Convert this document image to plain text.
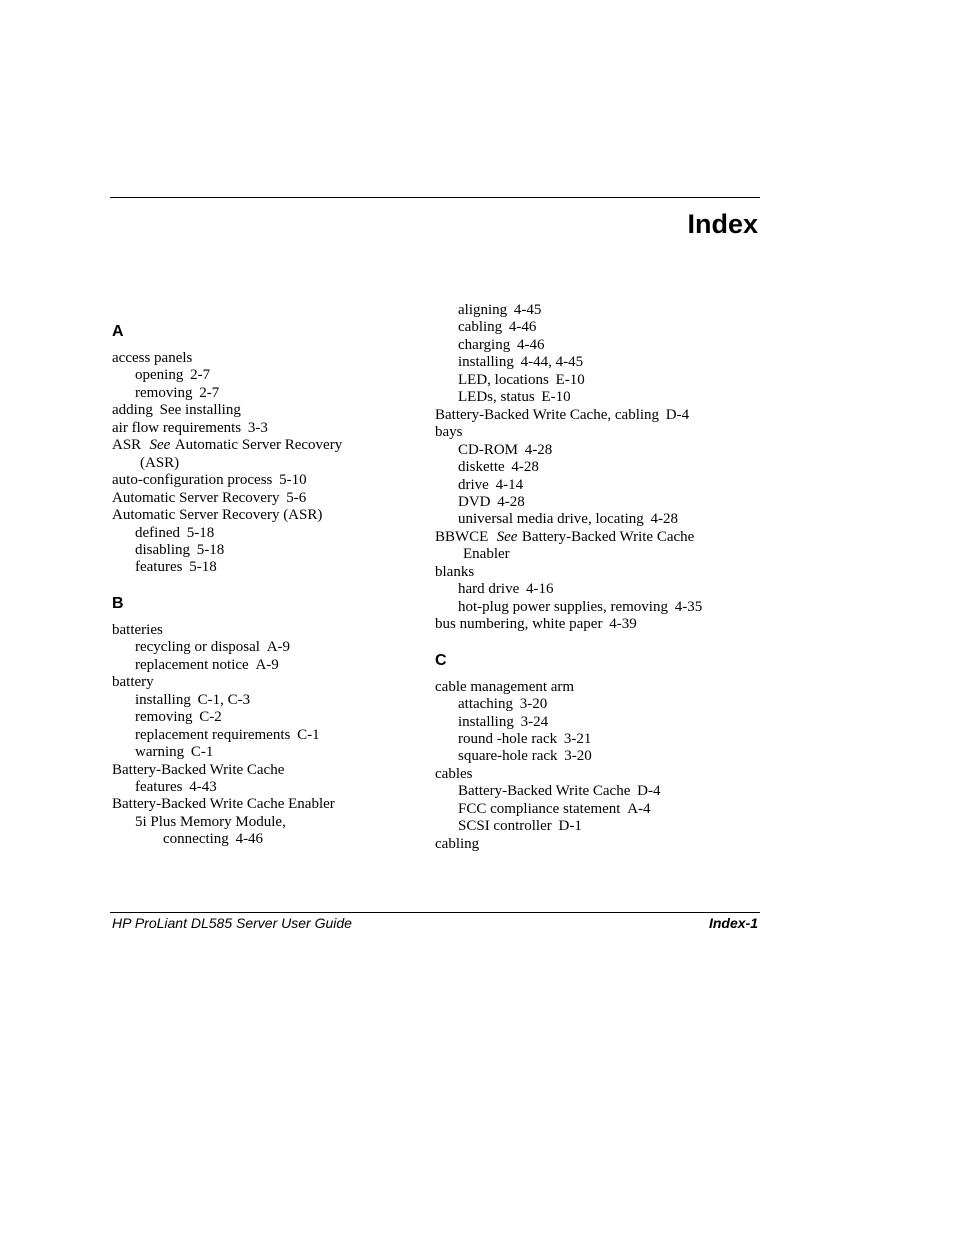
Index
A
access panels
opening 2-7
removing 2-7
adding See installing
air flow requirements 3-3
ASR See Automatic Server Recovery
(ASR)
auto-configuration process 5-10
Automatic Server Recovery 5-6
Automatic Server Recovery (ASR)
defined 5-18
disabling 5-18
features 5-18
B
batteries
recycling or disposal A-9
replacement notice A-9
battery
installing C-1, C-3
removing C-2
replacement requirements C-1
warning C-1
Battery-Backed Write Cache
features 4-43
Battery-Backed Write Cache Enabler
5i Plus Memory Module,
connecting 4-46
aligning 4-45
cabling 4-46
charging 4-46
installing 4-44, 4-45
LED, locations E-10
LEDs, status E-10
Battery-Backed Write Cache, cabling D-4
bays
CD-ROM 4-28
diskette 4-28
drive 4-14
DVD 4-28
universal media drive, locating 4-28
BBWCE See Battery-Backed Write Cache
Enabler
blanks
hard drive 4-16
hot-plug power supplies, removing 4-35
bus numbering, white paper 4-39
C
cable management arm
attaching 3-20
installing 3-24
round -hole rack 3-21
square-hole rack 3-20
cables
Battery-Backed Write Cache D-4
FCC compliance statement A-4
SCSI controller D-1
cabling
HP ProLiant DL585 Server User Guide	Index-1
